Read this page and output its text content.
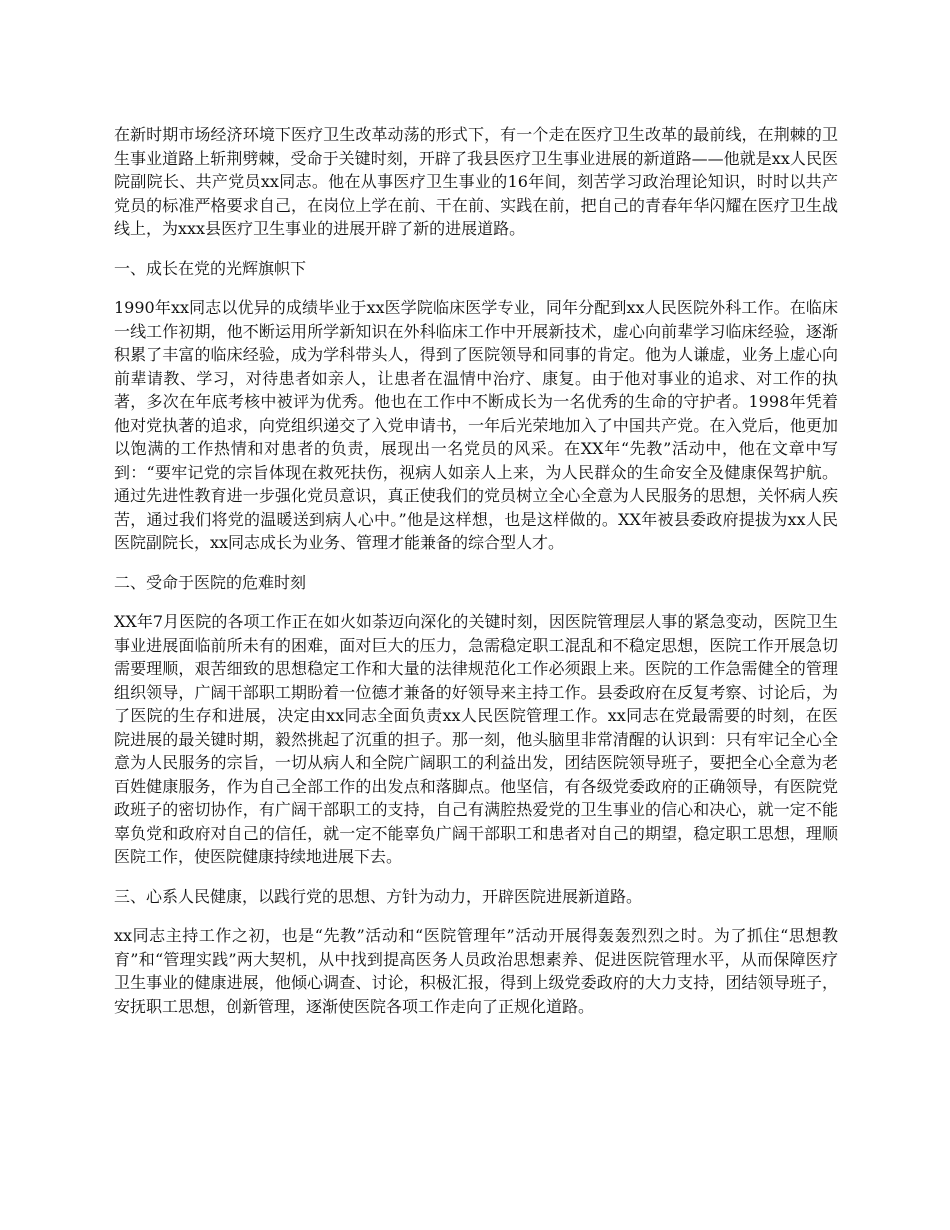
在新时期市场经济环境下医疗卫生改革动荡的形式下，有一个走在医疗卫生改革的最前线，在荆棘的卫生事业道路上斩荆劈棘，受命于关键时刻，开辟了我县医疗卫生事业进展的新道路——他就是xx人民医院副院长、共产党员xx同志。他在从事医疗卫生事业的16年间，刻苦学习政治理论知识，时时以共产党员的标准严格要求自己，在岗位上学在前、干在前、实践在前，把自己的青春年华闪耀在医疗卫生战线上，为xxx县医疗卫生事业的进展开辟了新的进展道路。

一、成长在党的光辉旗帜下

1990年xx同志以优异的成绩毕业于xx医学院临床医学专业，同年分配到xx人民医院外科工作。在临床一线工作初期，他不断运用所学新知识在外科临床工作中开展新技术，虚心向前辈学习临床经验，逐渐积累了丰富的临床经验，成为学科带头人，得到了医院领导和同事的肯定。他为人谦虚，业务上虚心向前辈请教、学习，对待患者如亲人，让患者在温情中治疗、康复。由于他对事业的追求、对工作的执著，多次在年底考核中被评为优秀。他也在工作中不断成长为一名优秀的生命的守护者。1998年凭着他对党执著的追求，向党组织递交了入党申请书，一年后光荣地加入了中国共产党。在入党后，他更加以饱满的工作热情和对患者的负责，展现出一名党员的风采。在XX年“先教”活动中，他在文章中写到：“要牢记党的宗旨体现在救死扶伤，视病人如亲人上来，为人民群众的生命安全及健康保驾护航。通过先进性教育进一步强化党员意识，真正使我们的党员树立全心全意为人民服务的思想，关怀病人疾苦，通过我们将党的温暖送到病人心中。”他是这样想，也是这样做的。XX年被县委政府提拔为xx人民医院副院长，xx同志成长为业务、管理才能兼备的综合型人才。

二、受命于医院的危难时刻

XX年7月医院的各项工作正在如火如荼迈向深化的关键时刻，因医院管理层人事的紧急变动，医院卫生事业进展面临前所未有的困难，面对巨大的压力，急需稳定职工混乱和不稳定思想，医院工作开展急切需要理顺，艰苦细致的思想稳定工作和大量的法律规范化工作必须跟上来。医院的工作急需健全的管理组织领导，广阔干部职工期盼着一位德才兼备的好领导来主持工作。县委政府在反复考察、讨论后，为了医院的生存和进展，决定由xx同志全面负责xx人民医院管理工作。xx同志在党最需要的时刻，在医院进展的最关键时期，毅然挑起了沉重的担子。那一刻，他头脑里非常清醒的认识到：只有牢记全心全意为人民服务的宗旨，一切从病人和全院广阔职工的利益出发，团结医院领导班子，要把全心全意为老百姓健康服务，作为自己全部工作的出发点和落脚点。他坚信，有各级党委政府的正确领导，有医院党政班子的密切协作，有广阔干部职工的支持，自己有满腔热爱党的卫生事业的信心和决心，就一定不能辜负党和政府对自己的信任，就一定不能辜负广阔干部职工和患者对自己的期望，稳定职工思想，理顺医院工作，使医院健康持续地进展下去。

三、心系人民健康，以践行党的思想、方针为动力，开辟医院进展新道路。

xx同志主持工作之初，也是“先教”活动和“医院管理年”活动开展得轰轰烈烈之时。为了抓住“思想教育”和“管理实践”两大契机，从中找到提高医务人员政治思想素养、促进医院管理水平，从而保障医疗卫生事业的健康进展，他倾心调查、讨论，积极汇报，得到上级党委政府的大力支持，团结领导班子，安抚职工思想，创新管理，逐渐使医院各项工作走向了正规化道路。
